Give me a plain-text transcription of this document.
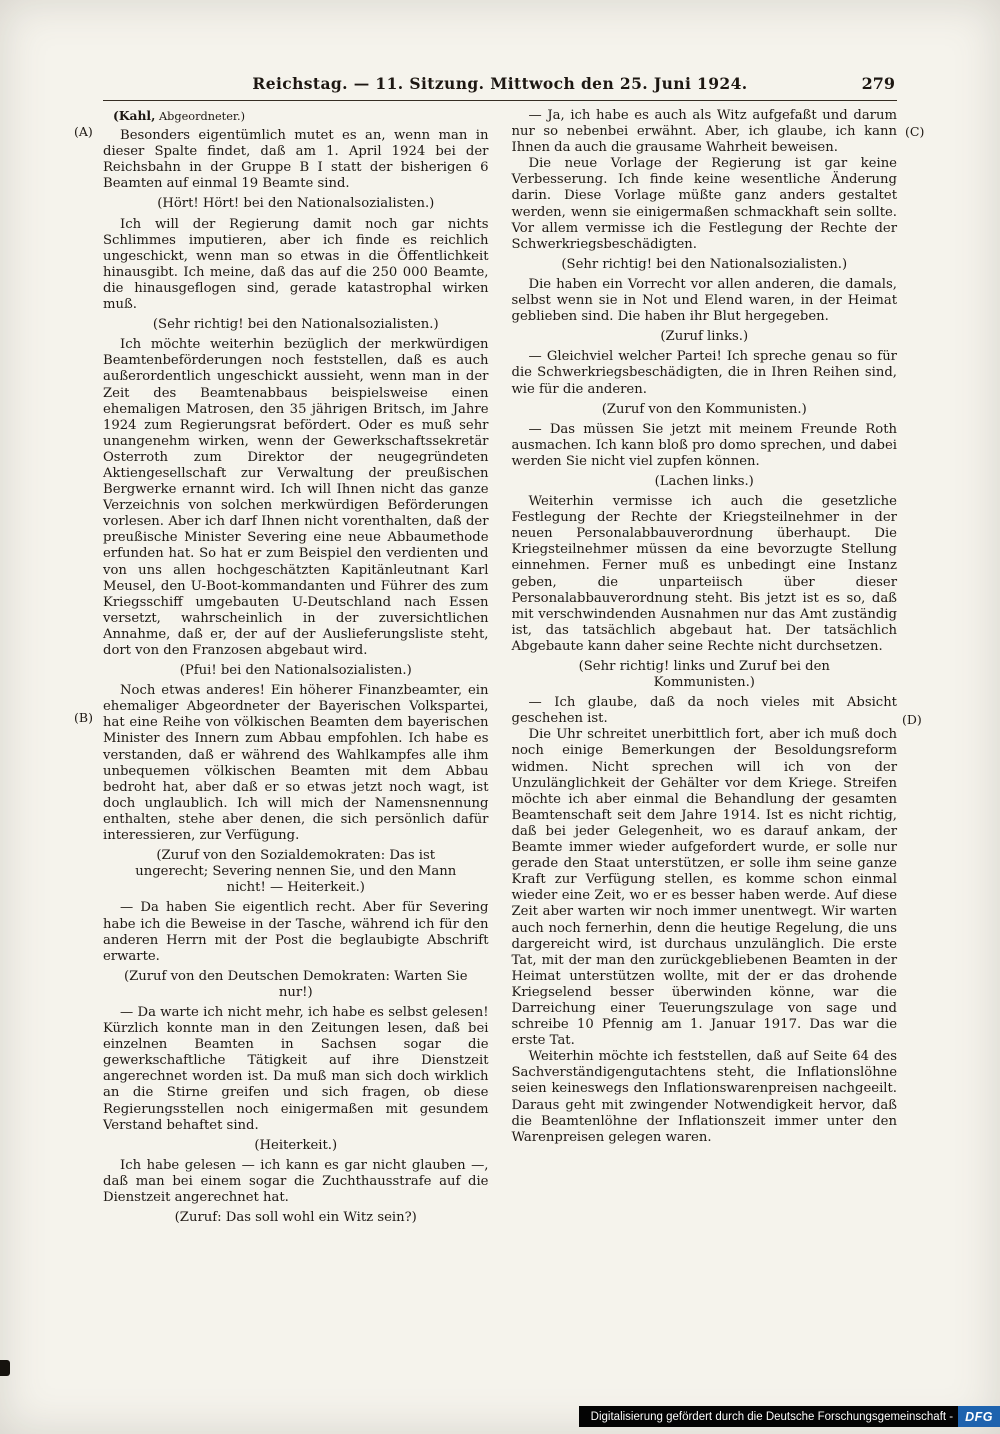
Reichstag. — 11. Sitzung. Mittwoch den 25. Juni 1924.	279
(A)
(B)
(C)
(D)

(Kahl, Abgeordneter.)

Besonders eigentümlich mutet es an, wenn man in dieser Spalte findet, daß am 1. April 1924 bei der Reichsbahn in der Gruppe B I statt der bisherigen 6 Beamten auf einmal 19 Beamte sind.

(Hört! Hört! bei den Nationalsozialisten.)

Ich will der Regierung damit noch gar nichts Schlimmes imputieren, aber ich finde es reichlich ungeschickt, wenn man so etwas in die Öffentlichkeit hinausgibt. Ich meine, daß das auf die 250 000 Beamte, die hinausgeflogen sind, gerade katastrophal wirken muß.

(Sehr richtig! bei den Nationalsozialisten.)

Ich möchte weiterhin bezüglich der merkwürdigen Beamtenbeförderungen noch feststellen, daß es auch außerordentlich ungeschickt aussieht, wenn man in der Zeit des Beamtenabbaus beispielsweise einen ehemaligen Matrosen, den 35 jährigen Britsch, im Jahre 1924 zum Regierungsrat befördert. Oder es muß sehr unangenehm wirken, wenn der Gewerkschaftssekretär Osterroth zum Direktor der neugegründeten Aktiengesellschaft zur Verwaltung der preußischen Bergwerke ernannt wird. Ich will Ihnen nicht das ganze Verzeichnis von solchen merkwürdigen Beförderungen vorlesen. Aber ich darf Ihnen nicht vorenthalten, daß der preußische Minister Severing eine neue Abbaumethode erfunden hat. So hat er zum Beispiel den verdienten und von uns allen hochgeschätzten Kapitänleutnant Karl Meusel, den U-Boot-kommandanten und Führer des zum Kriegsschiff umgebauten U-Deutschland nach Essen versetzt, wahrscheinlich in der zuversichtlichen Annahme, daß er, der auf der Auslieferungsliste steht, dort von den Franzosen abgebaut wird.

(Pfui! bei den Nationalsozialisten.)

Noch etwas anderes! Ein höherer Finanzbeamter, ein ehemaliger Abgeordneter der Bayerischen Volkspartei, hat eine Reihe von völkischen Beamten dem bayerischen Minister des Innern zum Abbau empfohlen. Ich habe es verstanden, daß er während des Wahlkampfes alle ihm unbequemen völkischen Beamten mit dem Abbau bedroht hat, aber daß er so etwas jetzt noch wagt, ist doch unglaublich. Ich will mich der Namensnennung enthalten, stehe aber denen, die sich persönlich dafür interessieren, zur Verfügung.

(Zuruf von den Sozialdemokraten: Das ist ungerecht; Severing nennen Sie, und den Mann nicht! — Heiterkeit.)

— Da haben Sie eigentlich recht. Aber für Severing habe ich die Beweise in der Tasche, während ich für den anderen Herrn mit der Post die beglaubigte Abschrift erwarte.

(Zuruf von den Deutschen Demokraten: Warten Sie nur!)

— Da warte ich nicht mehr, ich habe es selbst gelesen! Kürzlich konnte man in den Zeitungen lesen, daß bei einzelnen Beamten in Sachsen sogar die gewerkschaftliche Tätigkeit auf ihre Dienstzeit angerechnet worden ist. Da muß man sich doch wirklich an die Stirne greifen und sich fragen, ob diese Regierungsstellen noch einigermaßen mit gesundem Verstand behaftet sind.

(Heiterkeit.)

Ich habe gelesen — ich kann es gar nicht glauben —, daß man bei einem sogar die Zuchthausstrafe auf die Dienstzeit angerechnet hat.

(Zuruf: Das soll wohl ein Witz sein?)

— Ja, ich habe es auch als Witz aufgefaßt und darum nur so nebenbei erwähnt. Aber, ich glaube, ich kann Ihnen da auch die grausame Wahrheit beweisen.

Die neue Vorlage der Regierung ist gar keine Verbesserung. Ich finde keine wesentliche Änderung darin. Diese Vorlage müßte ganz anders gestaltet werden, wenn sie einigermaßen schmackhaft sein sollte. Vor allem vermisse ich die Festlegung der Rechte der Schwerkriegsbeschädigten.

(Sehr richtig! bei den Nationalsozialisten.)

Die haben ein Vorrecht vor allen anderen, die damals, selbst wenn sie in Not und Elend waren, in der Heimat geblieben sind. Die haben ihr Blut hergegeben.

(Zuruf links.)

— Gleichviel welcher Partei! Ich spreche genau so für die Schwerkriegsbeschädigten, die in Ihren Reihen sind, wie für die anderen.

(Zuruf von den Kommunisten.)

— Das müssen Sie jetzt mit meinem Freunde Roth ausmachen. Ich kann bloß pro domo sprechen, und dabei werden Sie nicht viel zupfen können.

(Lachen links.)

Weiterhin vermisse ich auch die gesetzliche Festlegung der Rechte der Kriegsteilnehmer in der neuen Personalabbauverordnung überhaupt. Die Kriegsteilnehmer müssen da eine bevorzugte Stellung einnehmen. Ferner muß es unbedingt eine Instanz geben, die unparteiisch über dieser Personalabbauverordnung steht. Bis jetzt ist es so, daß mit verschwindenden Ausnahmen nur das Amt zuständig ist, das tatsächlich abgebaut hat. Der tatsächlich Abgebaute kann daher seine Rechte nicht durchsetzen.

(Sehr richtig! links und Zuruf bei den Kommunisten.)

— Ich glaube, daß da noch vieles mit Absicht geschehen ist.

Die Uhr schreitet unerbittlich fort, aber ich muß doch noch einige Bemerkungen der Besoldungsreform widmen. Nicht sprechen will ich von der Unzulänglichkeit der Gehälter vor dem Kriege. Streifen möchte ich aber einmal die Behandlung der gesamten Beamtenschaft seit dem Jahre 1914. Ist es nicht richtig, daß bei jeder Gelegenheit, wo es darauf ankam, der Beamte immer wieder aufgefordert wurde, er solle nur gerade den Staat unterstützen, er solle ihm seine ganze Kraft zur Verfügung stellen, es komme schon einmal wieder eine Zeit, wo er es besser haben werde. Auf diese Zeit aber warten wir noch immer unentwegt. Wir warten auch noch fernerhin, denn die heutige Regelung, die uns dargereicht wird, ist durchaus unzulänglich. Die erste Tat, mit der man den zurückgebliebenen Beamten in der Heimat unterstützen wollte, mit der er das drohende Kriegselend besser überwinden könne, war die Darreichung einer Teuerungszulage von sage und schreibe 10 Pfennig am 1. Januar 1917. Das war die erste Tat.

Weiterhin möchte ich feststellen, daß auf Seite 64 des Sachverständigengutachtens steht, die Inflationslöhne seien keineswegs den Inflationswarenpreisen nachgeeilt. Daraus geht mit zwingender Notwendigkeit hervor, daß die Beamtenlöhne der Inflationszeit immer unter den Warenpreisen gelegen waren.

Digitalisierung gefördert durch die Deutsche Forschungsgemeinschaft - DFG
